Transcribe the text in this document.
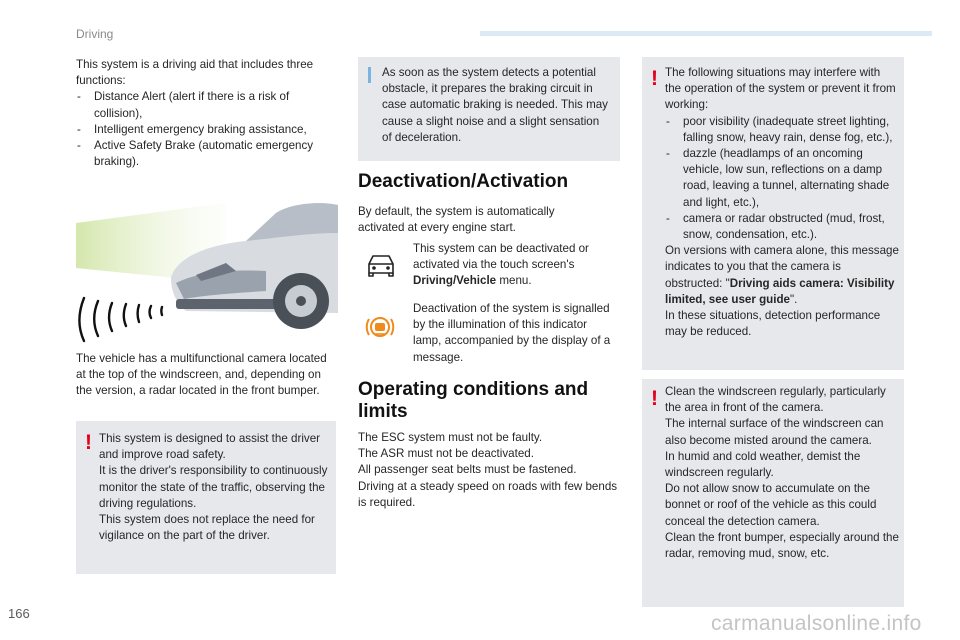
Driving
This system is a driving aid that includes three functions:
- Distance Alert (alert if there is a risk of collision),
- Intelligent emergency braking assistance,
- Active Safety Brake (automatic emergency braking).
The vehicle has a multifunctional camera located at the top of the windscreen, and, depending on the version, a radar located in the front bumper.
! This system is designed to assist the driver and improve road safety.
It is the driver's responsibility to continuously monitor the state of the traffic, observing the driving regulations.
This system does not replace the need for vigilance on the part of the driver.
As soon as the system detects a potential obstacle, it prepares the braking circuit in case automatic braking is needed. This may cause a slight noise and a slight sensation of deceleration.
Deactivation/Activation
By default, the system is automatically activated at every engine start.
This system can be deactivated or activated via the touch screen's Driving/Vehicle menu.
Deactivation of the system is signalled by the illumination of this indicator lamp, accompanied by the display of a message.
Operating conditions and limits
The ESC system must not be faulty.
The ASR must not be deactivated.
All passenger seat belts must be fastened.
Driving at a steady speed on roads with few bends is required.
! The following situations may interfere with the operation of the system or prevent it from working:
- poor visibility (inadequate street lighting, falling snow, heavy rain, dense fog, etc.),
- dazzle (headlamps of an oncoming vehicle, low sun, reflections on a damp road, leaving a tunnel, alternating shade and light, etc.),
- camera or radar obstructed (mud, frost, snow, condensation, etc.).
On versions with camera alone, this message indicates to you that the camera is obstructed: "Driving aids camera: Visibility limited, see user guide".
In these situations, detection performance may be reduced.
! Clean the windscreen regularly, particularly the area in front of the camera.
The internal surface of the windscreen can also become misted around the camera.
In humid and cold weather, demist the windscreen regularly.
Do not allow snow to accumulate on the bonnet or roof of the vehicle as this could conceal the detection camera.
Clean the front bumper, especially around the radar, removing mud, snow, etc.
166	carmanualsonline.info
